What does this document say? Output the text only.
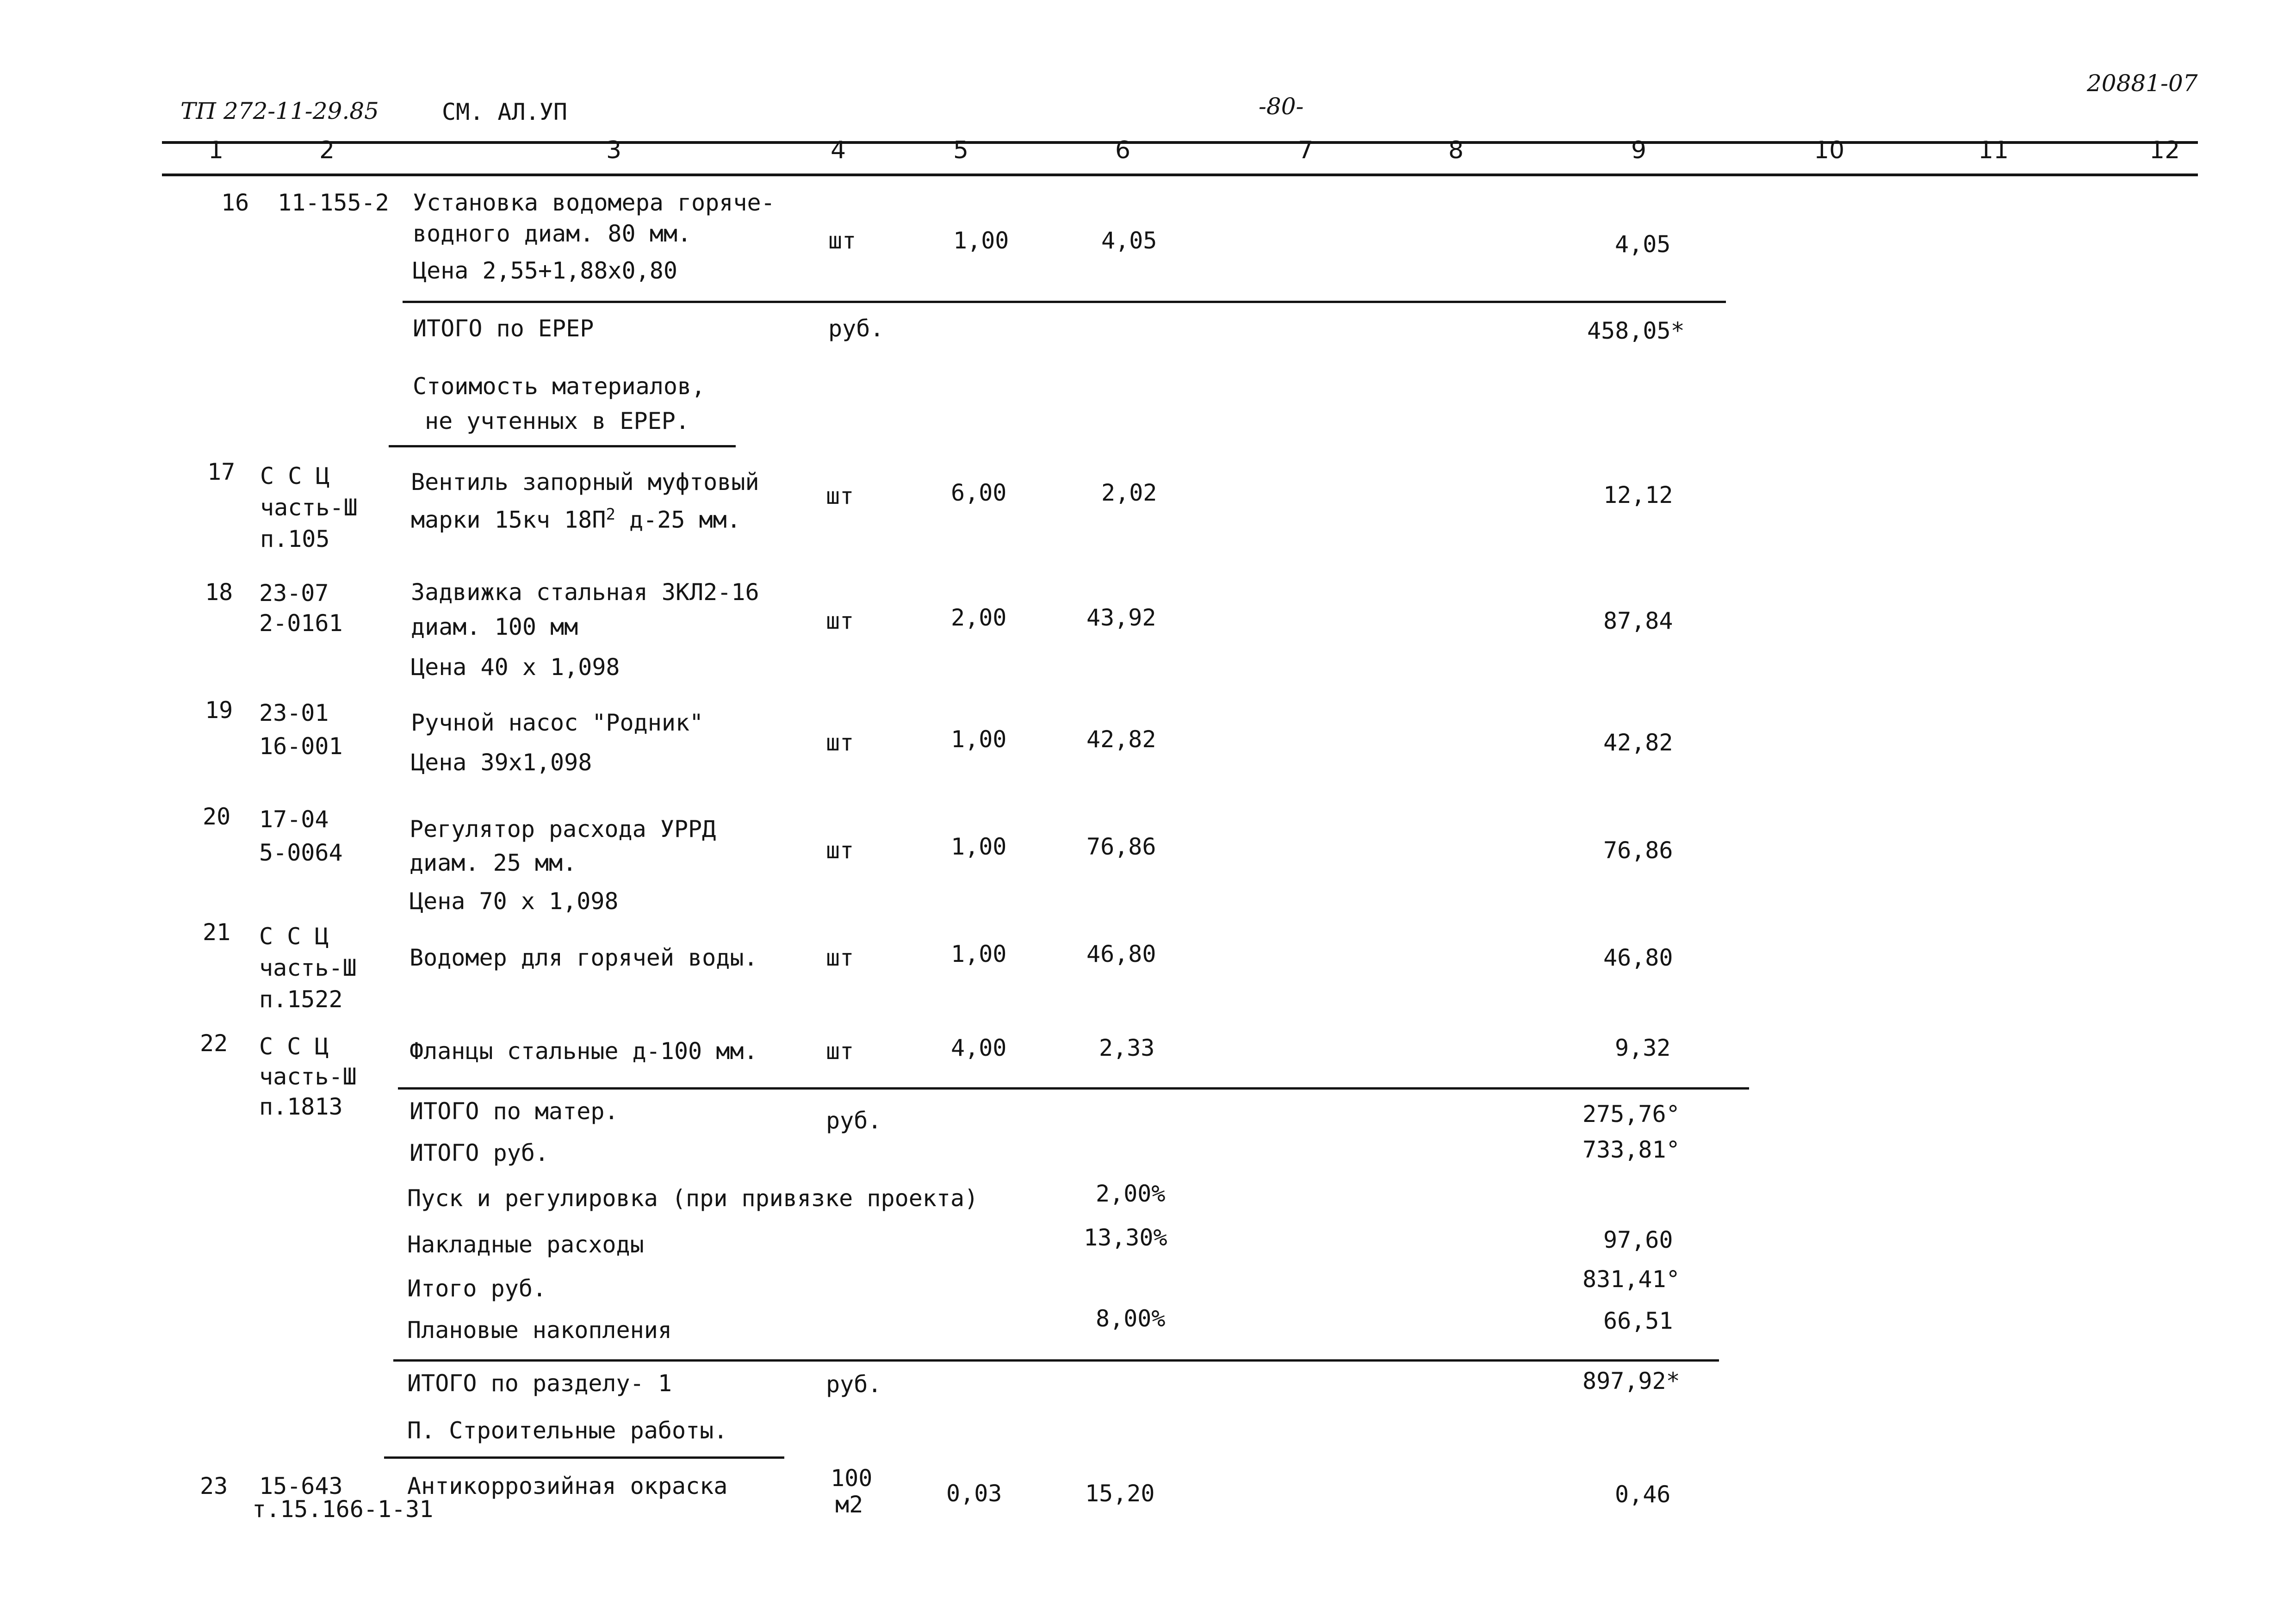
ТП 272-11-29.85	СМ. АЛ.УП	-80-
20881-07
1	2	3	4	5	6	7	8	9	10	11	12
16 11-155-2 Установка водомера горяче-
водного диам. 80 мм.
Цена 2,55+1,88х0,80
шт	1,00	4,05	4,05
ИТОГО по ЕРЕР	руб.	458,05*
Стоимость материалов,
не учтенных в ЕРЕР.
17 С С Ц
часть-Ш
п.105
Вентиль запорный муфтовый
марки 15кч $18П^2$ д-25 мм.
шт	6,00	2,02	12,12
18 23-07
2-0161
Задвижка стальная ЗКЛ2-16
диам. 100 мм
Цена 40 х 1,098
шт	2,00	43,92	87,84
19 23-01
16-001
Ручной насос "Родник"
Цена 39х1,098
шт	1,00	42,82	42,82
20 17-04
5-0064
Регулятор расхода УРРД
диам. 25 мм.
Цена 70 х 1,098
шт	1,00	76,86	76,86
21 С С Ц
часть-Ш
п.1522
Водомер для горячей воды.	шт	1,00	46,80	46,80
22 С С Ц
часть-Ш
п.1813
Фланцы стальные д-100 мм.	шт	4,00	2,33	9,32
ИТОГО по матер.	руб.	275,76°
ИТОГО руб.	733,81°
Пуск и регулировка (при привязке проекта)	2,00%
Накладные расходы	13,30%	97,60
Итого руб.	831,41°
Плановые накопления	8,00%	66,51
ИТОГО по разделу- 1	руб.	897,92*
П. Строительные работы.
23 15-643
т.15.166-1-31
Антикоррозийная окраска	100
м2	0,03	15,20	0,46
